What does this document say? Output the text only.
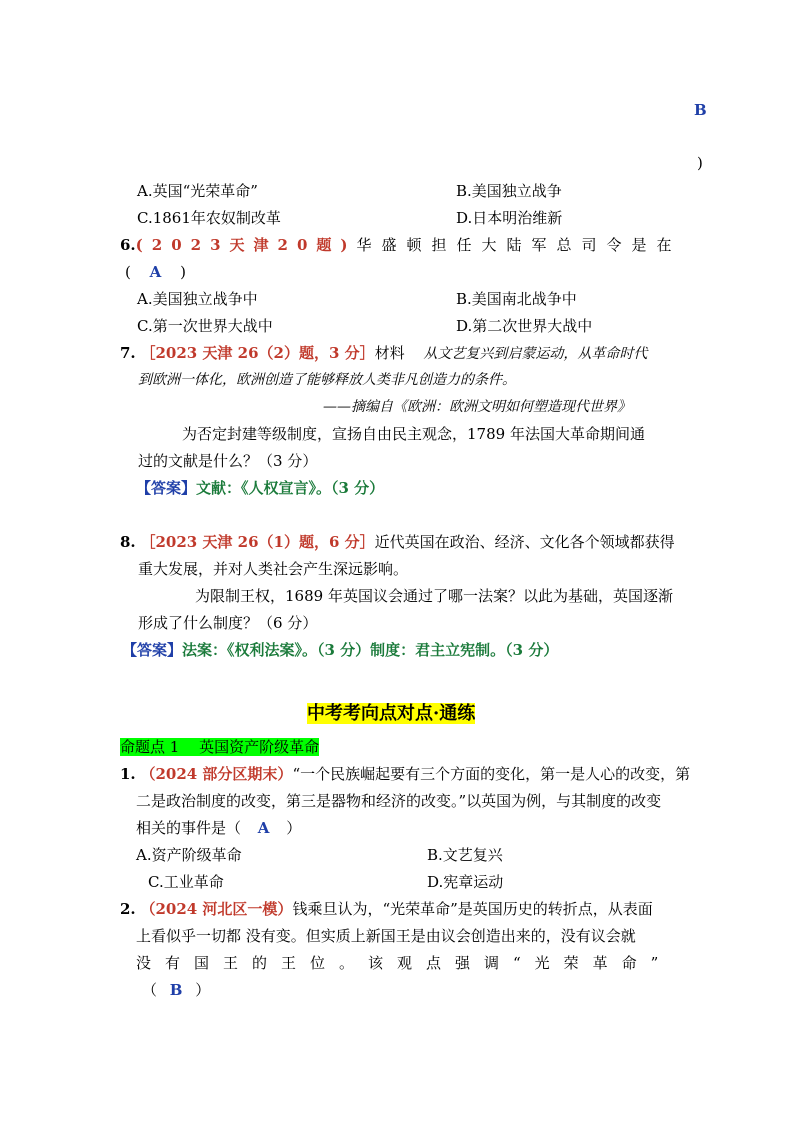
B
)
A.英国“光荣革命”	B.美国独立战争
C.1861年农奴制改革	D.日本明治维新
6. (2023天津20题) 华盛顿担任大陆军总司令是在
( A )
A.美国独立战争中	B.美国南北战争中
C.第一次世界大战中	D.第二次世界大战中
7. ［2023 天津 26（2）题，3 分］材料 从文艺复兴到启蒙运动，从革命时代
到欧洲一体化，欧洲创造了能够释放人类非凡创造力的条件。
——摘编自《欧洲：欧洲文明如何塑造现代世界》
为否定封建等级制度，宣扬自由民主观念，1789 年法国大革命期间通
过的文献是什么？（3 分）
【答案】文献：《人权宣言》。（3 分）
8. ［2023 天津 26（1）题，6 分］近代英国在政治、经济、文化各个领域都获得
重大发展，并对人类社会产生深远影响。
为限制王权，1689 年英国议会通过了哪一法案？以此为基础，英国逐渐
形成了什么制度？（6 分）
【答案】法案：《权利法案》。（3 分）制度：君主立宪制。（3 分）
中考考向点对点·通练
命题点 1　 英国资产阶级革命
1. （2024 部分区期末）“一个民族崛起要有三个方面的变化，第一是人心的改变，第
二是政治制度的改变，第三是器物和经济的改变。”以英国为例，与其制度的改变
相关的事件是（ A ）
A.资产阶级革命	B.文艺复兴
C.工业革命	D.宪章运动
2. （2024 河北区一模）钱乘旦认为，“光荣革命”是英国历史的转折点，从表面
上看似乎一切都 没有变。但实质上新国王是由议会创造出来的，没有议会就
没有国王的王位。该观点强调“光荣革命”
（ B ）
